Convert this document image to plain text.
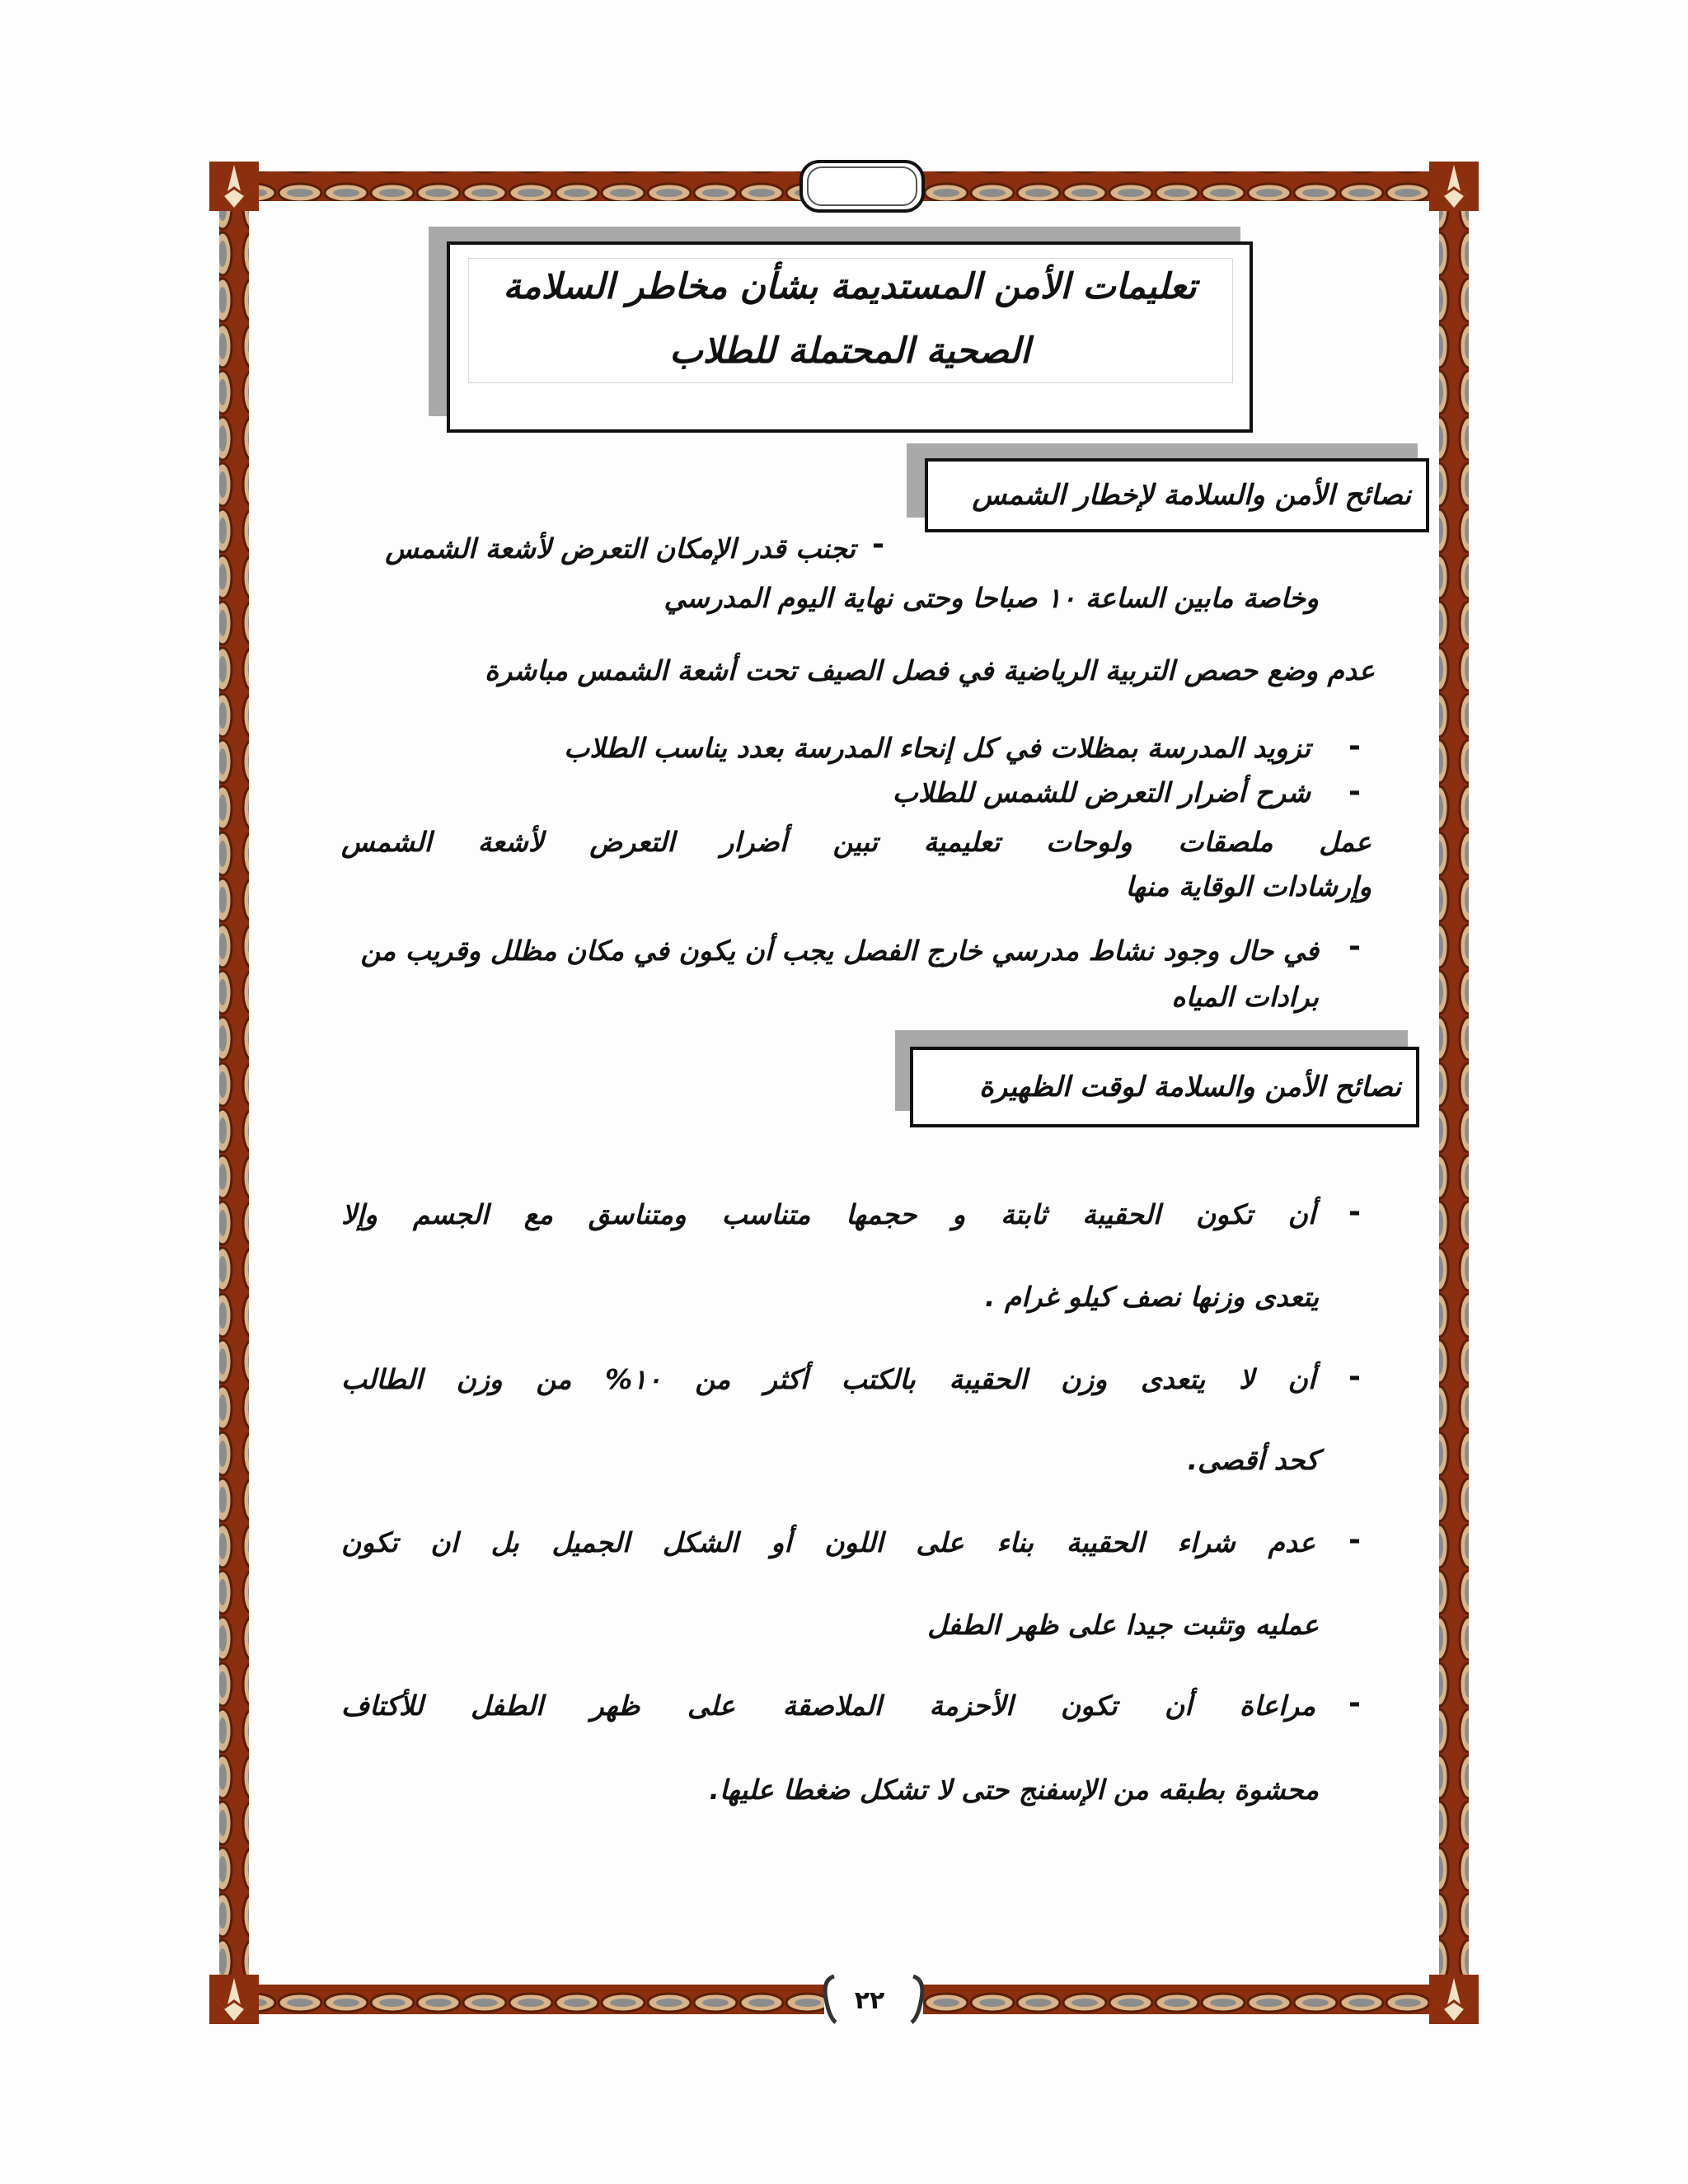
٢٢
تعليمات الأمن المستديمة بشأن مخاطر السلامة
الصحية المحتملة للطلاب
نصائح الأمن والسلامة لإخطار الشمس
-
تجنب قدر الإمكان التعرض لأشعة الشمس
وخاصة مابين الساعة ١٠ صباحا وحتى نهاية اليوم المدرسي
عدم وضع حصص التربية الرياضية في فصل الصيف تحت أشعة الشمس مباشرة
-
تزويد المدرسة بمظلات في كل إنحاء المدرسة بعدد يناسب الطلاب
-
شرح أضرار التعرض للشمس للطلاب
عمل ملصقات ولوحات تعليمية تبين أضرار التعرض لأشعة الشمس
وإرشادات الوقاية منها
-
في حال وجود نشاط مدرسي خارج الفصل يجب أن يكون في مكان مظلل وقريب من
برادات المياه
نصائح الأمن والسلامة لوقت الظهيرة
-
أن تكون الحقيبة ثابتة و حجمها متناسب ومتناسق مع الجسم وإلا
يتعدى وزنها نصف كيلو غرام .
-
أن لا يتعدى وزن الحقيبة بالكتب أكثر من ١٠% من وزن الطالب
كحد أقصى.
-
عدم شراء الحقيبة بناء على اللون أو الشكل الجميل بل ان تكون
عمليه وتثبت جيدا على ظهر الطفل
-
مراعاة أن تكون الأحزمة الملاصقة على ظهر الطفل للأكتاف
محشوة بطبقه من الإسفنج حتى لا تشكل ضغطا عليها.
